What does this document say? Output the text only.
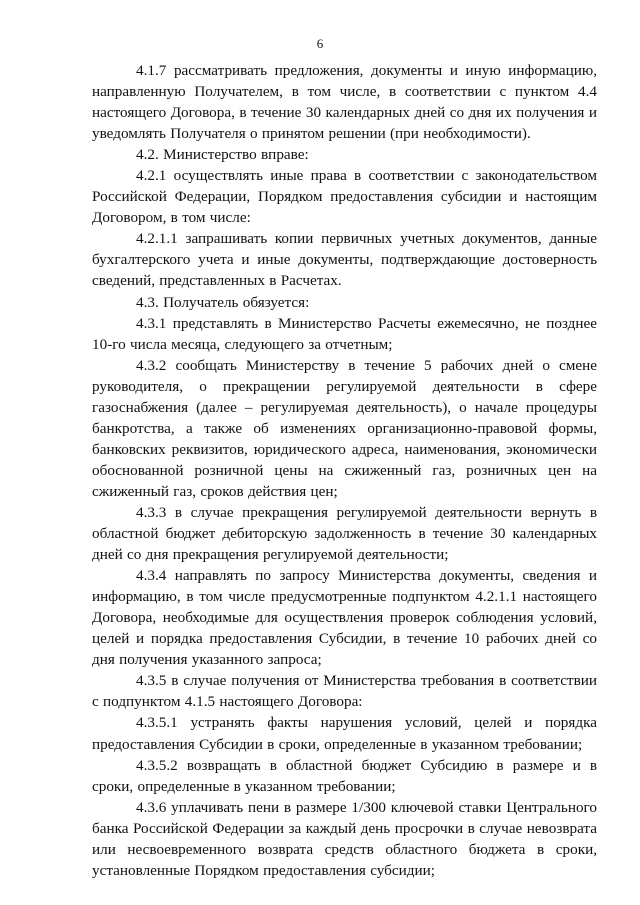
6

4.1.7 рассматривать предложения, документы и иную информацию, направленную Получателем, в том числе, в соответствии с пунктом 4.4 настоящего Договора, в течение 30 календарных дней со дня их получения и уведомлять Получателя о принятом решении (при необходимости).

4.2. Министерство вправе:

4.2.1 осуществлять иные права в соответствии с законодательством Российской Федерации, Порядком предоставления субсидии и настоящим Договором, в том числе:

4.2.1.1 запрашивать копии первичных учетных документов, данные бухгалтерского учета и иные документы, подтверждающие достоверность сведений, представленных в Расчетах.

4.3. Получатель обязуется:

4.3.1 представлять в Министерство Расчеты ежемесячно, не позднее 10-го числа месяца, следующего за отчетным;

4.3.2 сообщать Министерству в течение 5 рабочих дней о смене руководителя, о прекращении регулируемой деятельности в сфере газоснабжения (далее – регулируемая деятельность), о начале процедуры банкротства, а также об изменениях организационно-правовой формы, банковских реквизитов, юридического адреса, наименования, экономически обоснованной розничной цены на сжиженный газ, розничных цен на сжиженный газ, сроков действия цен;

4.3.3 в случае прекращения регулируемой деятельности вернуть в областной бюджет дебиторскую задолженность в течение 30 календарных дней со дня прекращения регулируемой деятельности;

4.3.4 направлять по запросу Министерства документы, сведения и информацию, в том числе предусмотренные подпунктом 4.2.1.1 настоящего Договора, необходимые для осуществления проверок соблюдения условий, целей и порядка предоставления Субсидии, в течение 10 рабочих дней со дня получения указанного запроса;

4.3.5 в случае получения от Министерства требования в соответствии с подпунктом 4.1.5 настоящего Договора:

4.3.5.1 устранять факты нарушения условий, целей и порядка предоставления Субсидии в сроки, определенные в указанном требовании;

4.3.5.2 возвращать в областной бюджет Субсидию в размере и в сроки, определенные в указанном требовании;

4.3.6 уплачивать пени в размере 1/300 ключевой ставки Центрального банка Российской Федерации за каждый день просрочки в случае невозврата или несвоевременного возврата средств областного бюджета в сроки, установленные Порядком предоставления субсидии;
